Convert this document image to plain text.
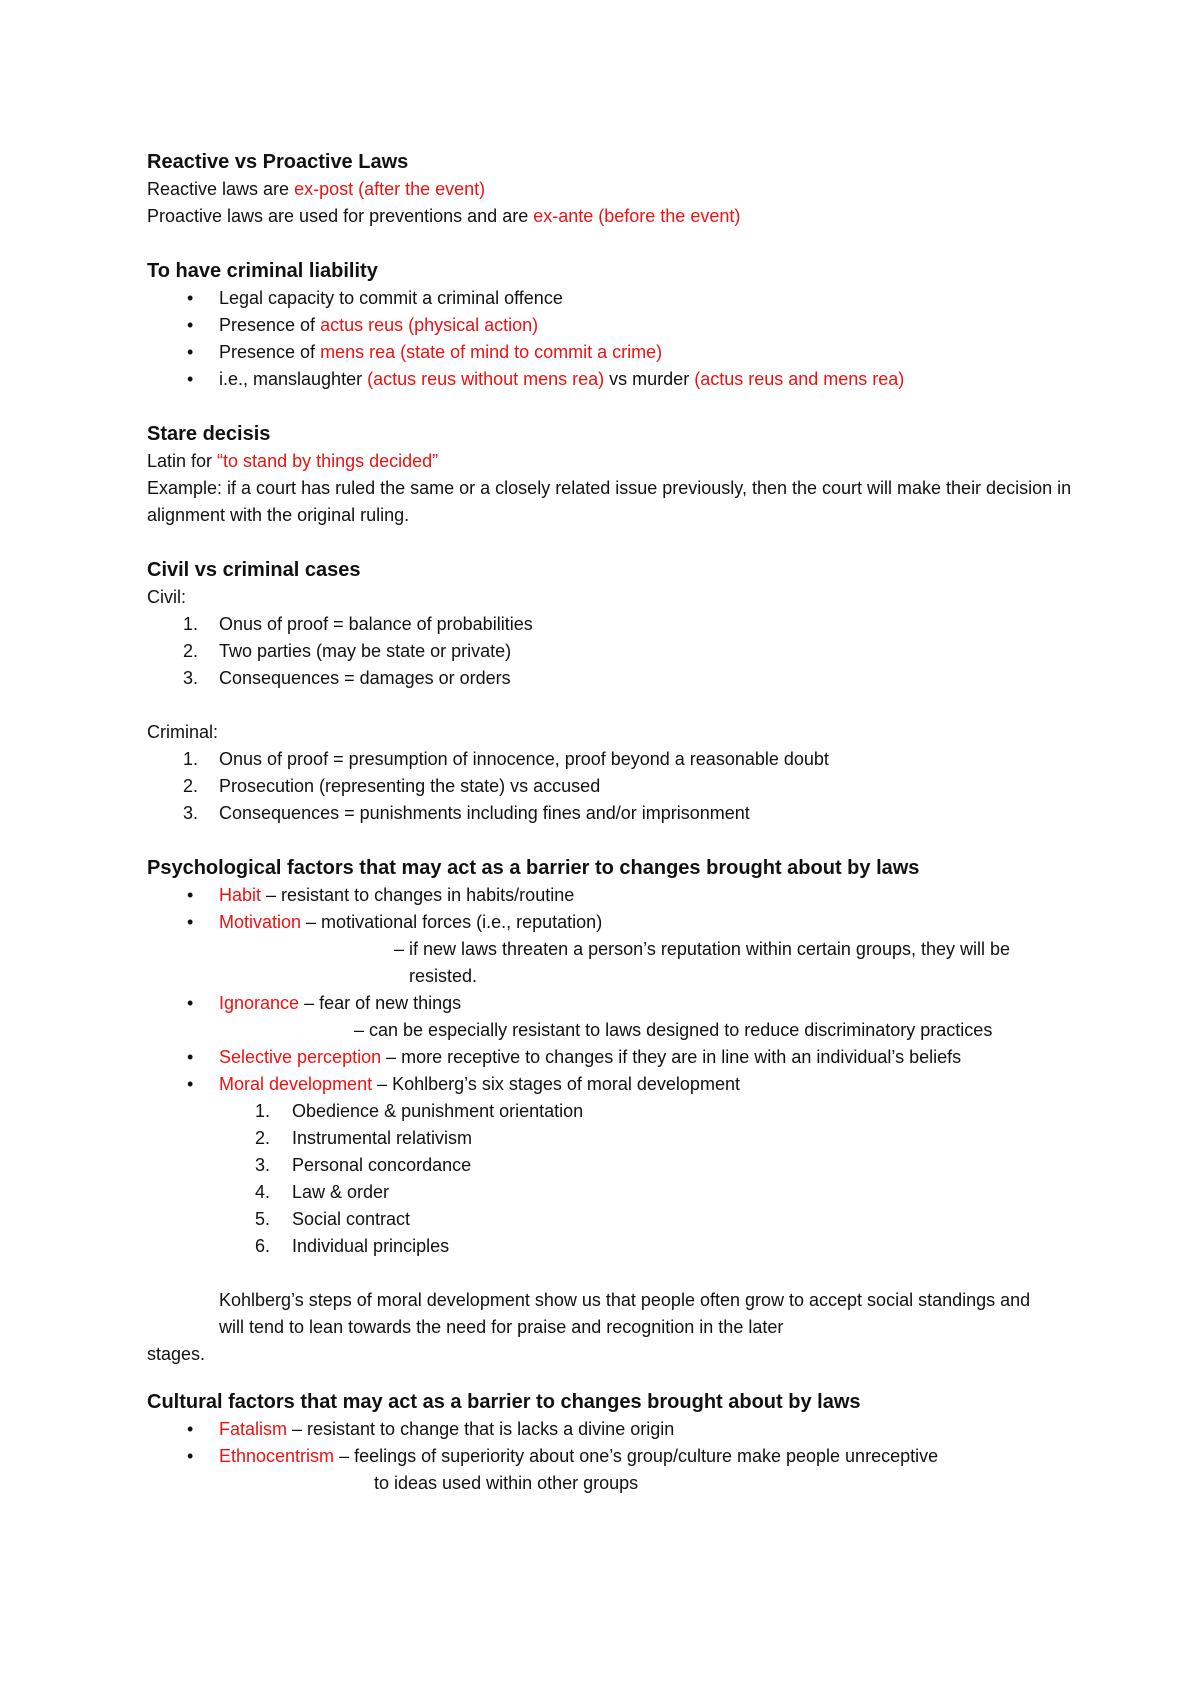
Reactive vs Proactive Laws

Reactive laws are ex-post (after the event)

Proactive laws are used for preventions and are ex-ante (before the event)

To have criminal liability
• Legal capacity to commit a criminal offence
• Presence of actus reus (physical action)
• Presence of mens rea (state of mind to commit a crime)
• i.e., manslaughter (actus reus without mens rea) vs murder (actus reus and mens rea)
Stare decisis

Latin for “to stand by things decided”

Example: if a court has ruled the same or a closely related issue previously, then the court will make their decision in alignment with the original ruling.

Civil vs criminal cases

Civil:

1.	Onus of proof = balance of probabilities
2.	Two parties (may be state or private)
3.	Consequences = damages or orders

Criminal:

1.	Onus of proof = presumption of innocence, proof beyond a reasonable doubt
2.	Prosecution (representing the state) vs accused
3.	Consequences = punishments including fines and/or imprisonment
Psychological factors that may act as a barrier to changes brought about by laws
• Habit – resistant to changes in habits/routine
• Motivation – motivational forces (i.e., reputation)
– if new laws threaten a person’s reputation within certain groups, they will be
resisted.
• Ignorance – fear of new things
– can be especially resistant to laws designed to reduce discriminatory practices
• Selective perception – more receptive to changes if they are in line with an individual’s beliefs
• Moral development – Kohlberg’s six stages of moral development
1.	Obedience & punishment orientation
2.	Instrumental relativism
3.	Personal concordance
4.	Law & order
5.	Social contract
6.	Individual principles

Kohlberg’s steps of moral development show us that people often grow to accept social standings and will tend to lean towards the need for praise and recognition in the later

stages.

Cultural factors that may act as a barrier to changes brought about by laws
• Fatalism – resistant to change that is lacks a divine origin
• Ethnocentrism – feelings of superiority about one’s group/culture make people unreceptive
to ideas used within other groups
